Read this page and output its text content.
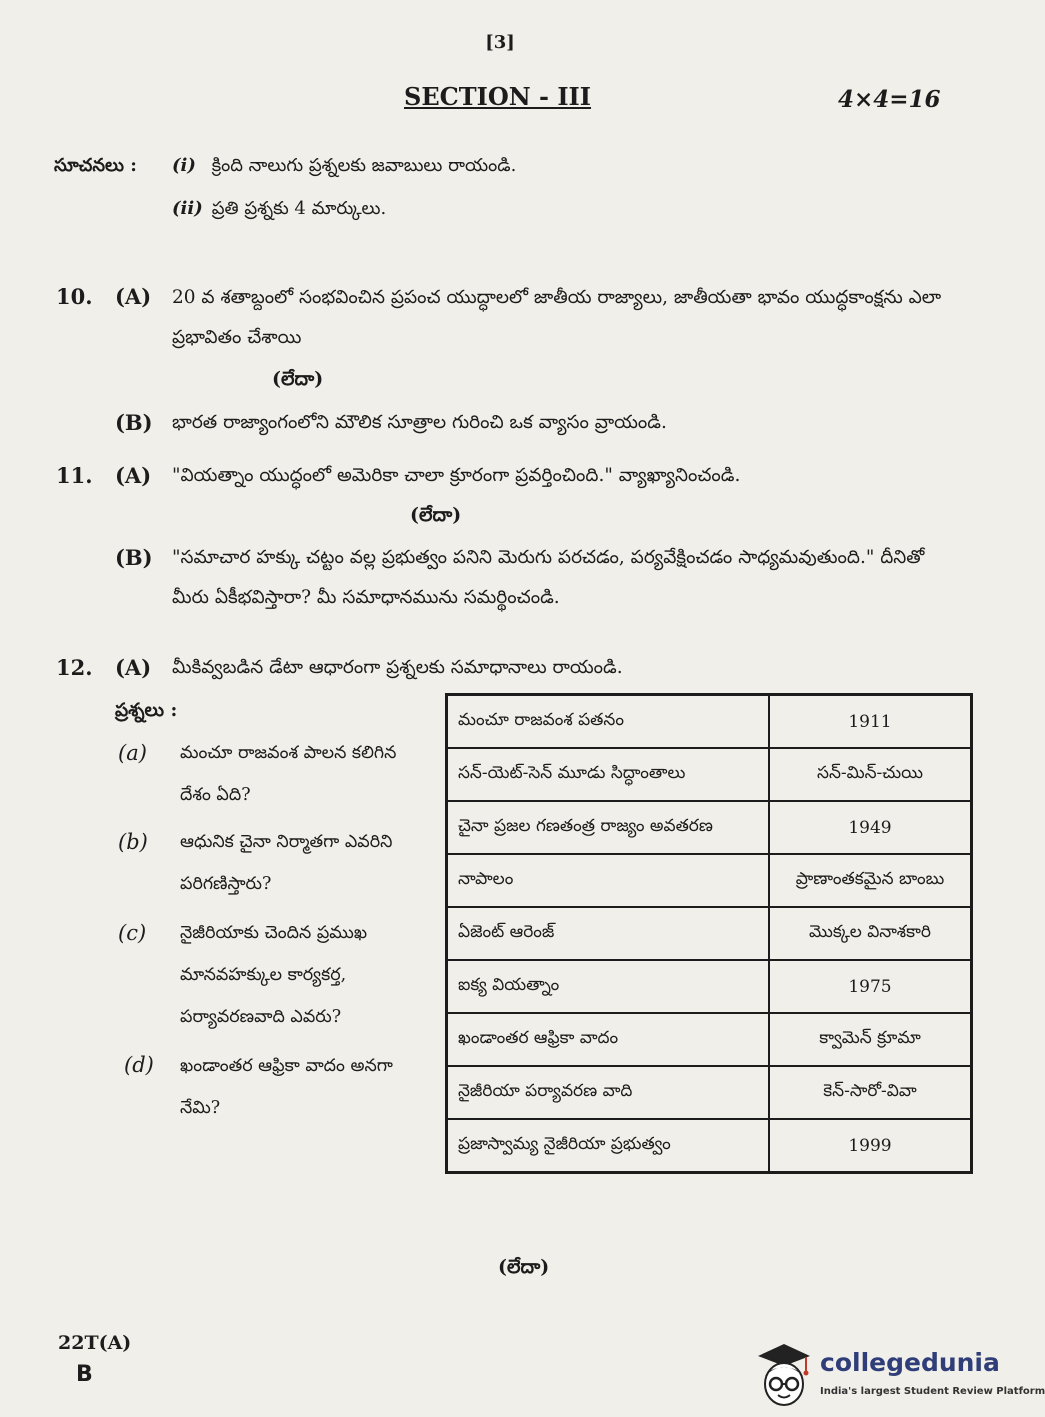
[3]
SECTION - III	4×4=16
సూచనలు : (i) క్రింది నాలుగు ప్రశ్నలకు జవాబులు రాయండి.
(ii) ప్రతి ప్రశ్నకు 4 మార్కులు.
10. (A) 20 వ శతాబ్దంలో సంభవించిన ప్రపంచ యుద్ధాలలో జాతీయ రాజ్యాలు, జాతీయతా భావం యుద్ధకాంక్షను ఎలా ప్రభావితం చేశాయి
(లేదా)
(B) భారత రాజ్యాంగంలోని మౌలిక సూత్రాల గురించి ఒక వ్యాసం వ్రాయండి.
11. (A) "వియత్నాం యుద్ధంలో అమెరికా చాలా క్రూరంగా ప్రవర్తించింది." వ్యాఖ్యానించండి.
(లేదా)
(B) "సమాచార హక్కు చట్టం వల్ల ప్రభుత్వం పనిని మెరుగు పరచడం, పర్యవేక్షించడం సాధ్యమవుతుంది." దీనితో మీరు ఏకీభవిస్తారా? మీ సమాధానమును సమర్థించండి.
12. (A) మీకివ్వబడిన డేటా ఆధారంగా ప్రశ్నలకు సమాధానాలు రాయండి.
ప్రశ్నలు :
(a) మంచూ రాజవంశ పాలన కలిగిన దేశం ఏది?
(b) ఆధునిక చైనా నిర్మాతగా ఎవరిని పరిగణిస్తారు?
(c) నైజీరియాకు చెందిన ప్రముఖ మానవహక్కుల కార్యకర్త, పర్యావరణవాది ఎవరు?
(d) ఖండాంతర ఆఫ్రికా వాదం అనగా నేమి?
మంచూ రాజవంశ పతనం	1911
సన్-యెట్-సెన్ మూడు సిద్ధాంతాలు	సన్-మిన్-చుయి
చైనా ప్రజల గణతంత్ర రాజ్యం అవతరణ	1949
నాపాలం	ప్రాణాంతకమైన బాంబు
ఏజెంట్ ఆరెంజ్	మొక్కల వినాశకారి
ఐక్య వియత్నాం	1975
ఖండాంతర ఆఫ్రికా వాదం	క్వామెన్ క్రూమా
నైజీరియా పర్యావరణ వాది	కెన్-సారో-వివా
ప్రజాస్వామ్య నైజీరియా ప్రభుత్వం	1999
(లేదా)
22T(A)
B	collegedunia
India's largest Student Review Platform
